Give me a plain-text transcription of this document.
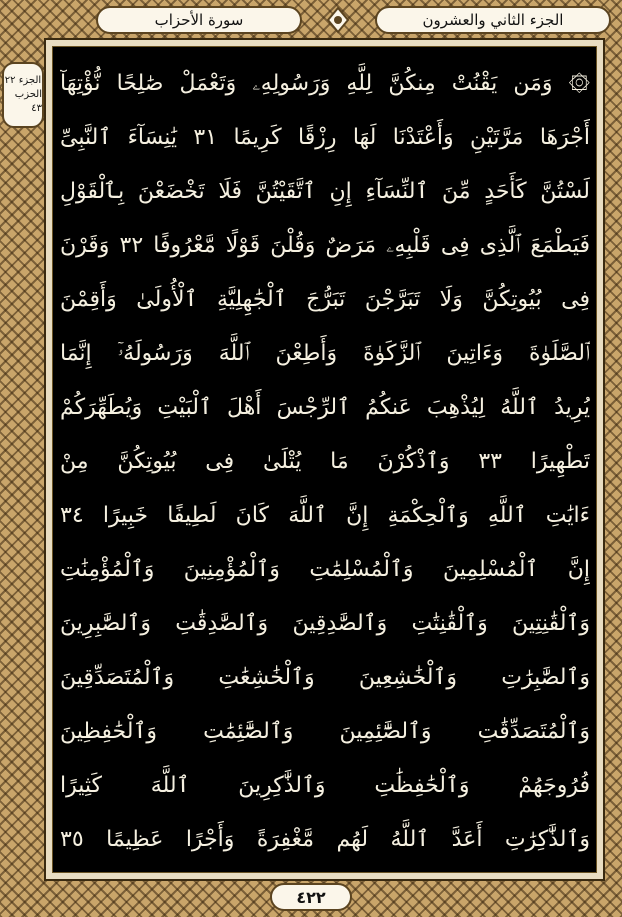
الجزء الثاني والعشرون
سورة الأحزاب
الجزء ٢٢
الحزب ٤٣
۞ وَمَن يَقْنُتْ مِنكُنَّ لِلَّهِ وَرَسُولِهِۦ وَتَعْمَلْ صَٰلِحًا نُّؤْتِهَآ
أَجْرَهَا مَرَّتَيْنِ وَأَعْتَدْنَا لَهَا رِزْقًا كَرِيمًا ٣١ يَٰنِسَآءَ ٱلنَّبِىِّ
لَسْتُنَّ كَأَحَدٍ مِّنَ ٱلنِّسَآءِ إِنِ ٱتَّقَيْتُنَّ فَلَا تَخْضَعْنَ بِٱلْقَوْلِ
فَيَطْمَعَ ٱلَّذِى فِى قَلْبِهِۦ مَرَضٌ وَقُلْنَ قَوْلًا مَّعْرُوفًا ٣٢ وَقَرْنَ
فِى بُيُوتِكُنَّ وَلَا تَبَرَّجْنَ تَبَرُّجَ ٱلْجَٰهِلِيَّةِ ٱلْأُولَىٰ وَأَقِمْنَ
ٱلصَّلَوٰةَ وَءَاتِينَ ٱلزَّكَوٰةَ وَأَطِعْنَ ٱللَّهَ وَرَسُولَهُۥٓ إِنَّمَا
يُرِيدُ ٱللَّهُ لِيُذْهِبَ عَنكُمُ ٱلرِّجْسَ أَهْلَ ٱلْبَيْتِ وَيُطَهِّرَكُمْ
تَطْهِيرًا ٣٣ وَٱذْكُرْنَ مَا يُتْلَىٰ فِى بُيُوتِكُنَّ مِنْ
ءَايَٰتِ ٱللَّهِ وَٱلْحِكْمَةِ إِنَّ ٱللَّهَ كَانَ لَطِيفًا خَبِيرًا ٣٤
إِنَّ ٱلْمُسْلِمِينَ وَٱلْمُسْلِمَٰتِ وَٱلْمُؤْمِنِينَ وَٱلْمُؤْمِنَٰتِ
وَٱلْقَٰنِتِينَ وَٱلْقَٰنِتَٰتِ وَٱلصَّٰدِقِينَ وَٱلصَّٰدِقَٰتِ وَٱلصَّٰبِرِينَ
وَٱلصَّٰبِرَٰتِ وَٱلْخَٰشِعِينَ وَٱلْخَٰشِعَٰتِ وَٱلْمُتَصَدِّقِينَ
وَٱلْمُتَصَدِّقَٰتِ وَٱلصَّٰٓئِمِينَ وَٱلصَّٰٓئِمَٰتِ وَٱلْحَٰفِظِينَ
فُرُوجَهُمْ وَٱلْحَٰفِظَٰتِ وَٱلذَّٰكِرِينَ ٱللَّهَ كَثِيرًا
وَٱلذَّٰكِرَٰتِ أَعَدَّ ٱللَّهُ لَهُم مَّغْفِرَةً وَأَجْرًا عَظِيمًا ٣٥
٤٢٢
